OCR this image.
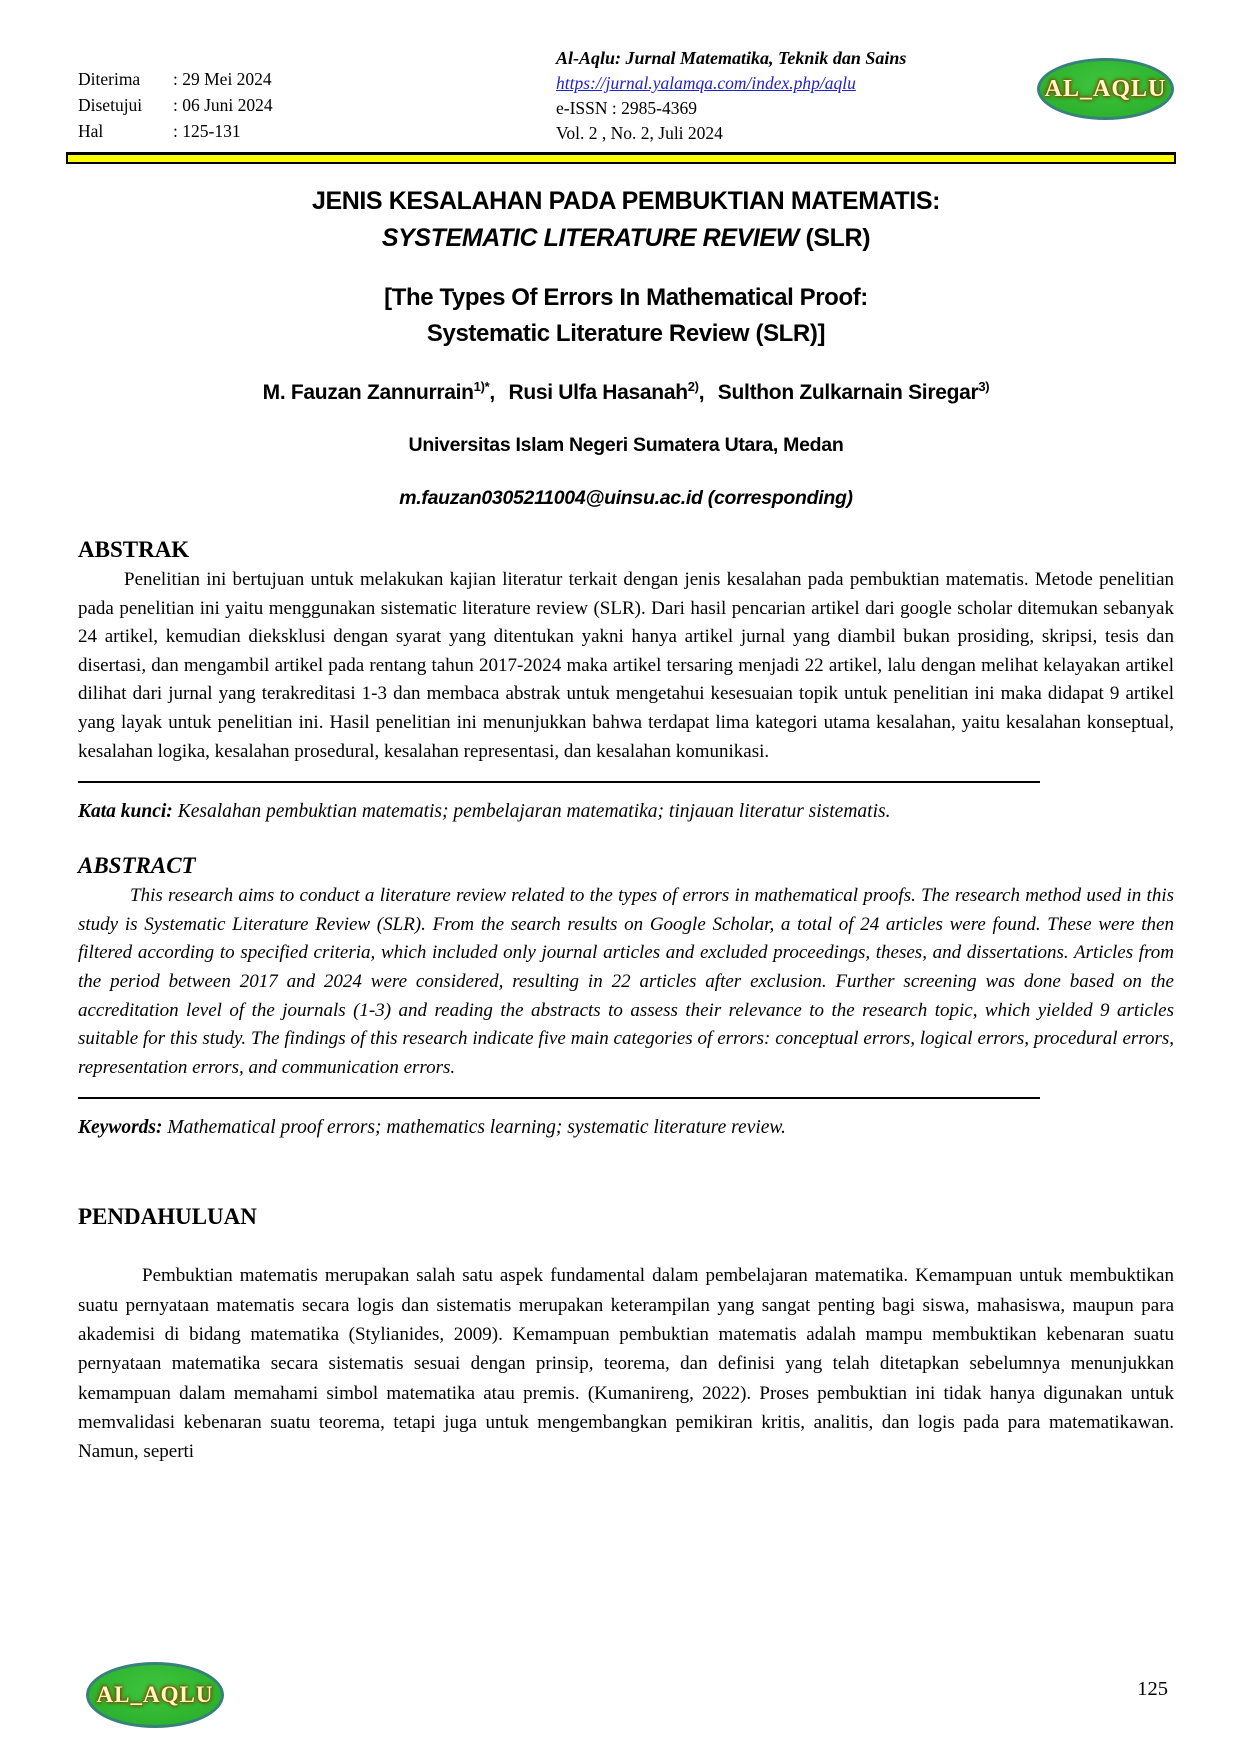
Diterima	: 29 Mei 2024
Disetujui	: 06 Juni 2024
Hal	: 125-131
Al-Aqlu: Jurnal Matematika, Teknik dan Sains
https://jurnal.yalamqa.com/index.php/aqlu
e-ISSN : 2985-4369
Vol. 2 , No. 2, Juli 2024
AL_AQLU
JENIS KESALAHAN PADA PEMBUKTIAN MATEMATIS:
SYSTEMATIC LITERATURE REVIEW (SLR)
[The Types Of Errors In Mathematical Proof:
Systematic Literature Review (SLR)]

M. Fauzan Zannurrain$^{1)*}$, Rusi Ulfa Hasanah$^{2)}$, Sulthon Zulkarnain Siregar$^{3)}$

Universitas Islam Negeri Sumatera Utara, Medan

m.fauzan0305211004@uinsu.ac.id (corresponding)

ABSTRAK

Penelitian ini bertujuan untuk melakukan kajian literatur terkait dengan jenis kesalahan pada pembuktian matematis. Metode penelitian pada penelitian ini yaitu menggunakan sistematic literature review (SLR). Dari hasil pencarian artikel dari google scholar ditemukan sebanyak 24 artikel, kemudian dieksklusi dengan syarat yang ditentukan yakni hanya artikel jurnal yang diambil bukan prosiding, skripsi, tesis dan disertasi, dan mengambil artikel pada rentang tahun 2017-2024 maka artikel tersaring menjadi 22 artikel, lalu dengan melihat kelayakan artikel dilihat dari jurnal yang terakreditasi 1-3 dan membaca abstrak untuk mengetahui kesesuaian topik untuk penelitian ini maka didapat 9 artikel yang layak untuk penelitian ini. Hasil penelitian ini menunjukkan bahwa terdapat lima kategori utama kesalahan, yaitu kesalahan konseptual, kesalahan logika, kesalahan prosedural, kesalahan representasi, dan kesalahan komunikasi.

Kata kunci: Kesalahan pembuktian matematis; pembelajaran matematika; tinjauan literatur sistematis.

ABSTRACT

This research aims to conduct a literature review related to the types of errors in mathematical proofs. The research method used in this study is Systematic Literature Review (SLR). From the search results on Google Scholar, a total of 24 articles were found. These were then filtered according to specified criteria, which included only journal articles and excluded proceedings, theses, and dissertations. Articles from the period between 2017 and 2024 were considered, resulting in 22 articles after exclusion. Further screening was done based on the accreditation level of the journals (1-3) and reading the abstracts to assess their relevance to the research topic, which yielded 9 articles suitable for this study. The findings of this research indicate five main categories of errors: conceptual errors, logical errors, procedural errors, representation errors, and communication errors.

Keywords: Mathematical proof errors; mathematics learning; systematic literature review.

PENDAHULUAN

Pembuktian matematis merupakan salah satu aspek fundamental dalam pembelajaran matematika. Kemampuan untuk membuktikan suatu pernyataan matematis secara logis dan sistematis merupakan keterampilan yang sangat penting bagi siswa, mahasiswa, maupun para akademisi di bidang matematika (Stylianides, 2009). Kemampuan pembuktian matematis adalah mampu membuktikan kebenaran suatu pernyataan matematika secara sistematis sesuai dengan prinsip, teorema, dan definisi yang telah ditetapkan sebelumnya menunjukkan kemampuan dalam memahami simbol matematika atau premis. (Kumanireng, 2022). Proses pembuktian ini tidak hanya digunakan untuk memvalidasi kebenaran suatu teorema, tetapi juga untuk mengembangkan pemikiran kritis, analitis, dan logis pada para matematikawan. Namun, seperti

AL_AQLU	125
